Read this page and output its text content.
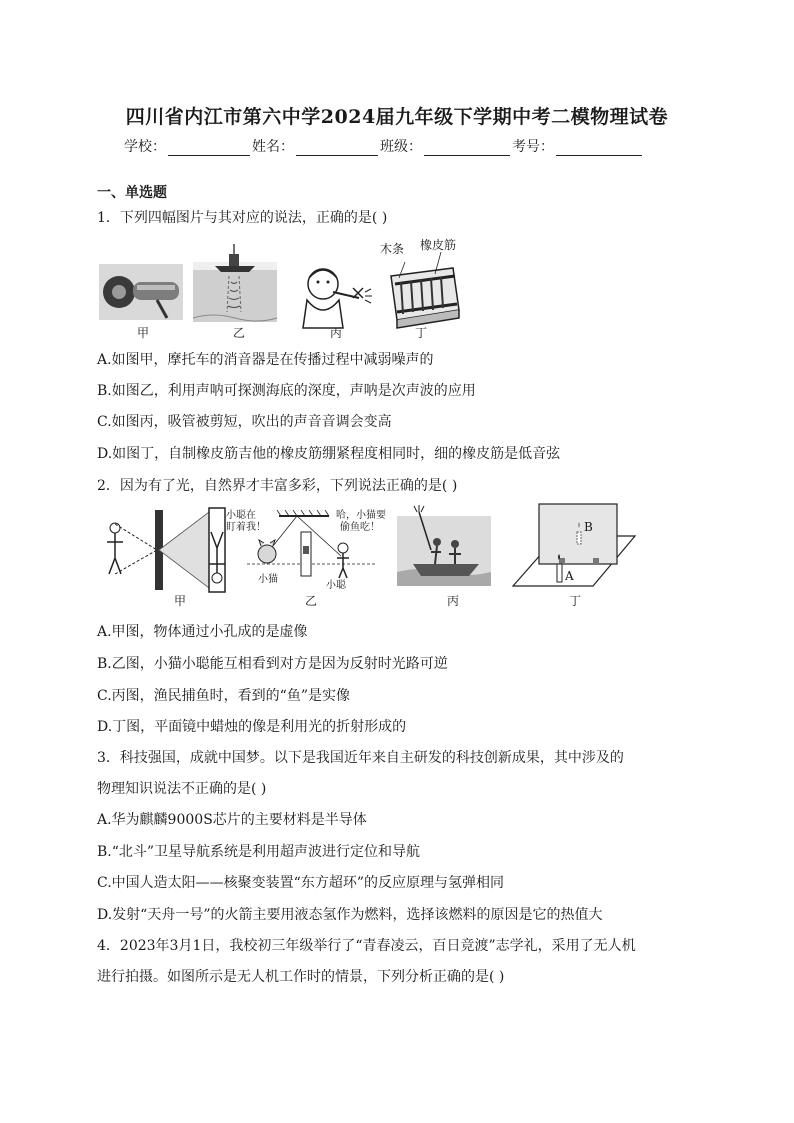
四川省内江市第六中学2024届九年级下学期中考二模物理试卷
学校：	姓名：	班级：	考号：
一、单选题
1．下列四幅图片与其对应的说法，正确的是( )
木条 橡皮筋
甲	乙	丙	丁
A.如图甲，摩托车的消音器是在传播过程中减弱噪声的
B.如图乙，利用声呐可探测海底的深度，声呐是次声波的应用
C.如图丙，吸管被剪短，吹出的声音音调会变高
D.如图丁，自制橡皮筋吉他的橡皮筋绷紧程度相同时，细的橡皮筋是低音弦
2．因为有了光，自然界才丰富多彩，下列说法正确的是( )
小聪在
盯着我！
哈，小猫要
偷鱼吃！
小猫
小聪
A
B
甲	乙	丙	丁
A.甲图，物体通过小孔成的是虚像
B.乙图，小猫小聪能互相看到对方是因为反射时光路可逆
C.丙图，渔民捕鱼时，看到的“鱼”是实像
D.丁图，平面镜中蜡烛的像是利用光的折射形成的
3．科技强国，成就中国梦。以下是我国近年来自主研发的科技创新成果，其中涉及的
物理知识说法不正确的是( )
A.华为麒麟9000S芯片的主要材料是半导体
B.“北斗”卫星导航系统是利用超声波进行定位和导航
C.中国人造太阳——核聚变装置“东方超环”的反应原理与氢弹相同
D.发射“天舟一号”的火箭主要用液态氢作为燃料，选择该燃料的原因是它的热值大
4．2023年3月1日，我校初三年级举行了“青春凌云，百日竞渡”志学礼，采用了无人机
进行拍摄。如图所示是无人机工作时的情景，下列分析正确的是( )
